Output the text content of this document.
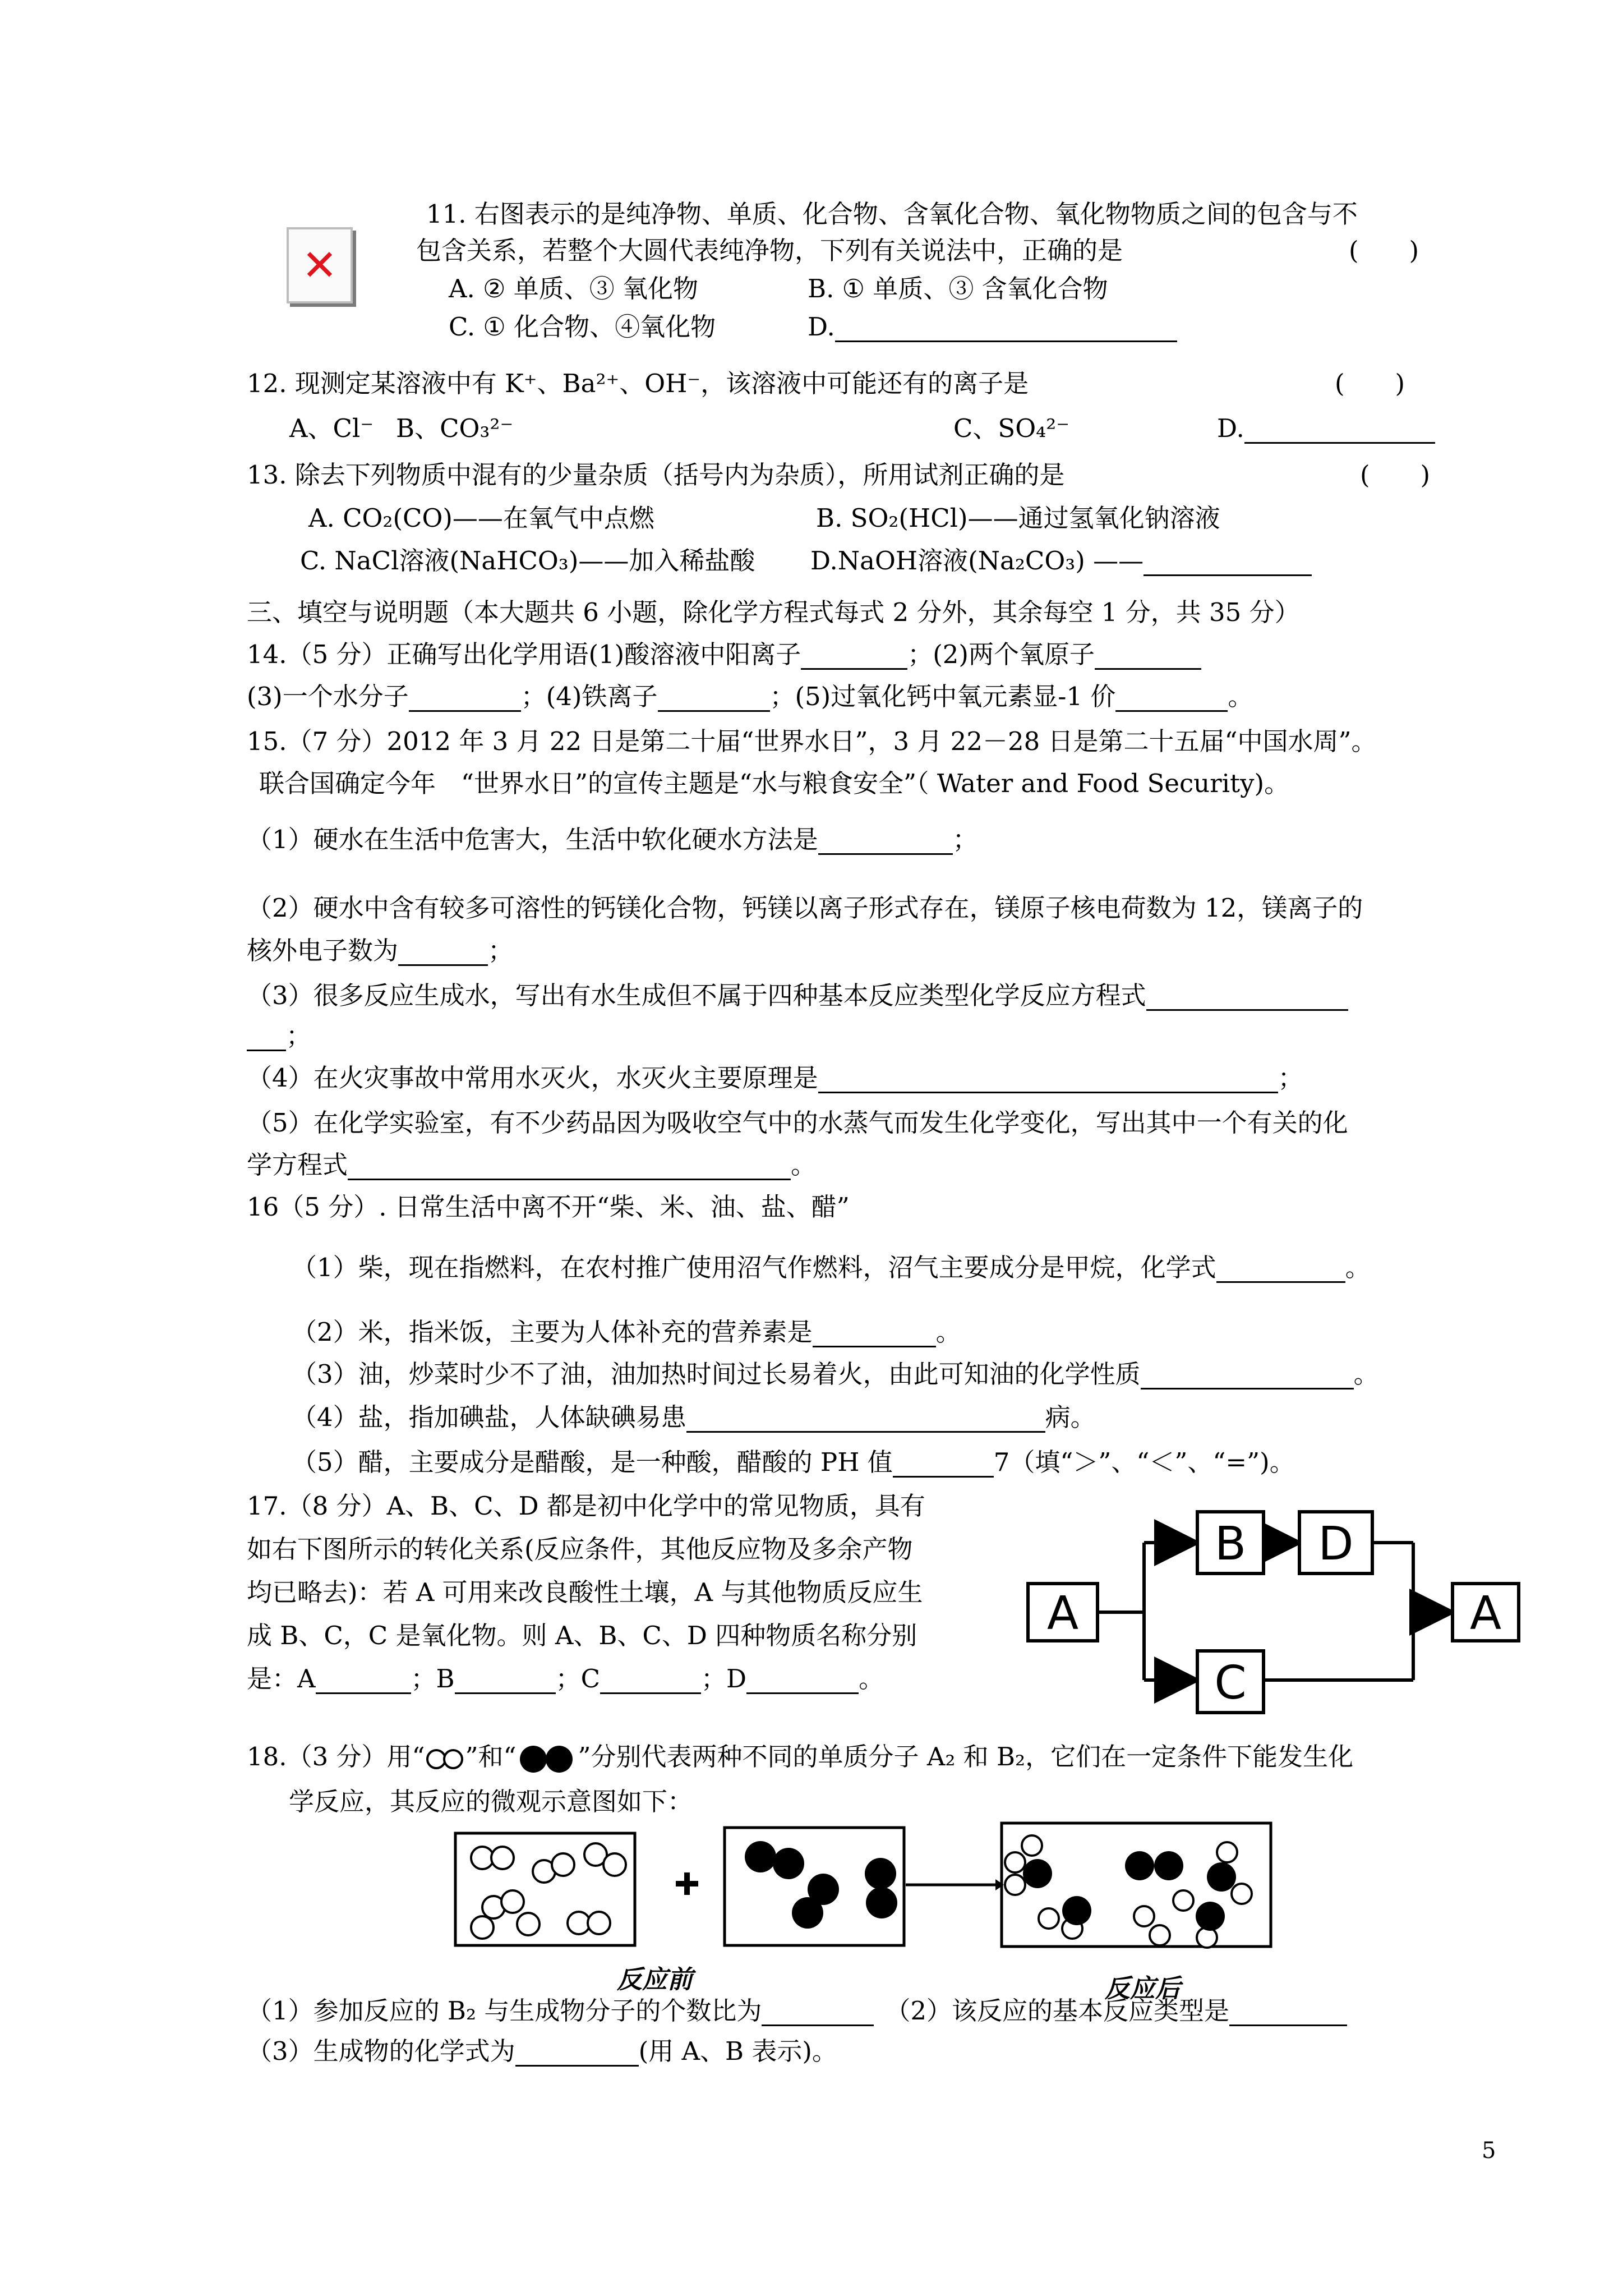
✕
11. 右图表示的是纯净物、单质、化合物、含氧化合物、氧化物物质之间的包含与不
包含关系，若整个大圆代表纯净物，下列有关说法中，正确的是	(　　)
A. ② 单质、③ 氧化物	B. ① 单质、③ 含氧化合物
C. ① 化合物、④氧化物	D.
12. 现测定某溶液中有 K⁺、Ba²⁺、OH⁻，该溶液中可能还有的离子是	(　　)
A、Cl⁻ B、CO₃²⁻	C、SO₄²⁻	D.
13. 除去下列物质中混有的少量杂质（括号内为杂质），所用试剂正确的是	(　　)
A. CO₂(CO)——在氧气中点燃	B. SO₂(HCl)——通过氢氧化钠溶液
C. NaCl溶液(NaHCO₃)——加入稀盐酸 D.NaOH溶液(Na₂CO₃) ——
三、填空与说明题（本大题共 6 小题，除化学方程式每式 2 分外，其余每空 1 分，共 35 分）
14.（5 分）正确写出化学用语(1)酸溶液中阳离子	；(2)两个氧原子
(3)一个水分子	；(4)铁离子	；(5)过氧化钙中氧元素显-1 价	。
15.（7 分）2012 年 3 月 22 日是第二十届“世界水日”，3 月 22－28 日是第二十五届“中国水周”。
联合国确定今年　“世界水日”的宣传主题是“水与粮食安全”（ Water and Food Security)。
（1）硬水在生活中危害大，生活中软化硬水方法是	；
（2）硬水中含有较多可溶性的钙镁化合物，钙镁以离子形式存在，镁原子核电荷数为 12，镁离子的
核外电子数为	；
（3）很多反应生成水，写出有水生成但不属于四种基本反应类型化学反应方程式
；
（4）在火灾事故中常用水灭火，水灭火主要原理是	；
（5）在化学实验室，有不少药品因为吸收空气中的水蒸气而发生化学变化，写出其中一个有关的化
学方程式	。
16（5 分）. 日常生活中离不开“柴、米、油、盐、醋”
（1）柴，现在指燃料，在农村推广使用沼气作燃料，沼气主要成分是甲烷，化学式	。
（2）米，指米饭，主要为人体补充的营养素是	。
（3）油，炒菜时少不了油，油加热时间过长易着火，由此可知油的化学性质	。
（4）盐，指加碘盐，人体缺碘易患	病。
（5）醋，主要成分是醋酸，是一种酸，醋酸的 PH 值	7（填“＞”、“＜”、“=”)。
17.（8 分）A、B、C、D 都是初中化学中的常见物质，具有
如右下图所示的转化关系(反应条件，其他反应物及多余产物
均已略去)：若 A 可用来改良酸性土壤，A 与其他物质反应生
成 B、C，C 是氧化物。则 A、B、C、D 四种物质名称分别
是：A	；B	；C	；D	。
A
B	D
C
A
18.（3 分）用“ ”和“ ”分别代表两种不同的单质分子 A₂ 和 B₂，它们在一定条件下能发生化
学反应，其反应的微观示意图如下：
反应前	反应后
（1）参加反应的 B₂ 与生成物分子的个数比为	（2）该反应的基本反应类型是
（3）生成物的化学式为	(用 A、B 表示)。
5
